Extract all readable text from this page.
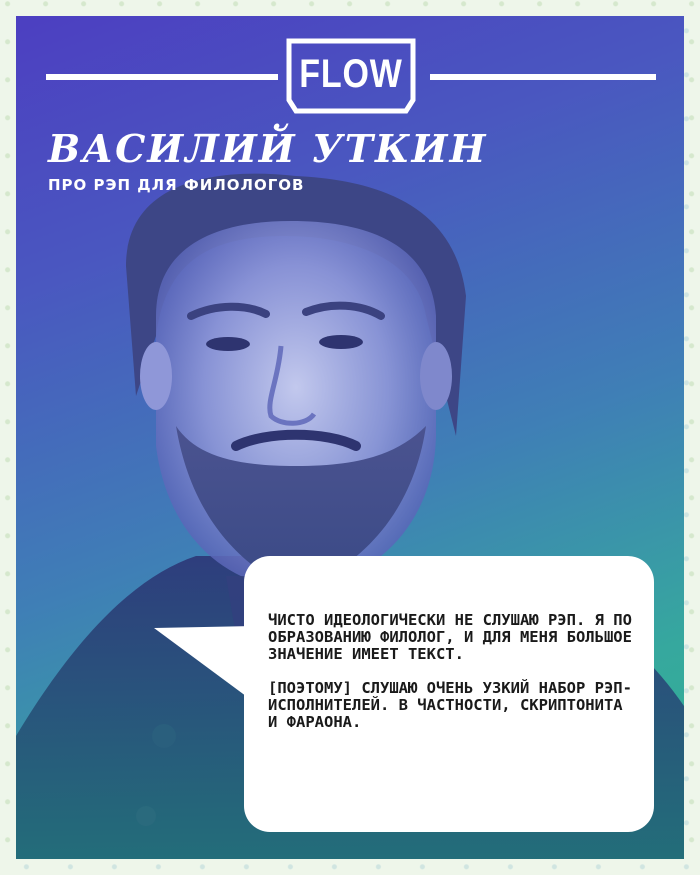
FLOW
ВАСИЛИЙ УТКИН
ПРО РЭП ДЛЯ ФИЛОЛОГОВ

ЧИСТО ИДЕОЛОГИЧЕСКИ НЕ СЛУШАЮ РЭП. Я ПО ОБРАЗОВАНИЮ ФИЛОЛОГ, И ДЛЯ МЕНЯ БОЛЬШОЕ ЗНАЧЕНИЕ ИМЕЕТ ТЕКСТ.

[ПОЭТОМУ] СЛУШАЮ ОЧЕНЬ УЗКИЙ НАБОР РЭП-ИСПОЛНИТЕЛЕЙ. В ЧАСТНОСТИ, СКРИПТОНИТА И ФАРАОНА.
